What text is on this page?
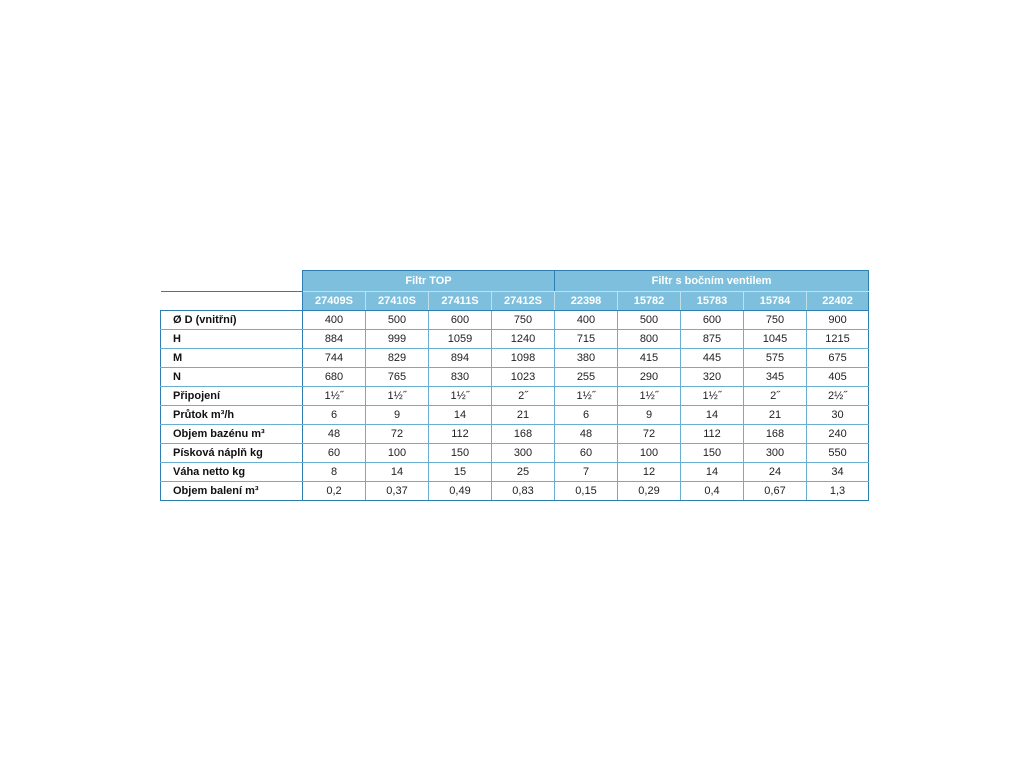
	Filtr TOP				Filtr s bočním ventilem				
	27409S	27410S	27411S	27412S	22398	15782	15783	15784	22402
Ø D (vnitřní)	400	500	600	750	400	500	600	750	900
H	884	999	1059	1240	715	800	875	1045	1215
M	744	829	894	1098	380	415	445	575	675
N	680	765	830	1023	255	290	320	345	405
Připojení	1½˝	1½˝	1½˝	2˝	1½˝	1½˝	1½˝	2˝	2½˝
Průtok m³/h	6	9	14	21	6	9	14	21	30
Objem bazénu m³	48	72	112	168	48	72	112	168	240
Písková náplň kg	60	100	150	300	60	100	150	300	550
Váha netto kg	8	14	15	25	7	12	14	24	34
Objem balení m³	0,2	0,37	0,49	0,83	0,15	0,29	0,4	0,67	1,3
